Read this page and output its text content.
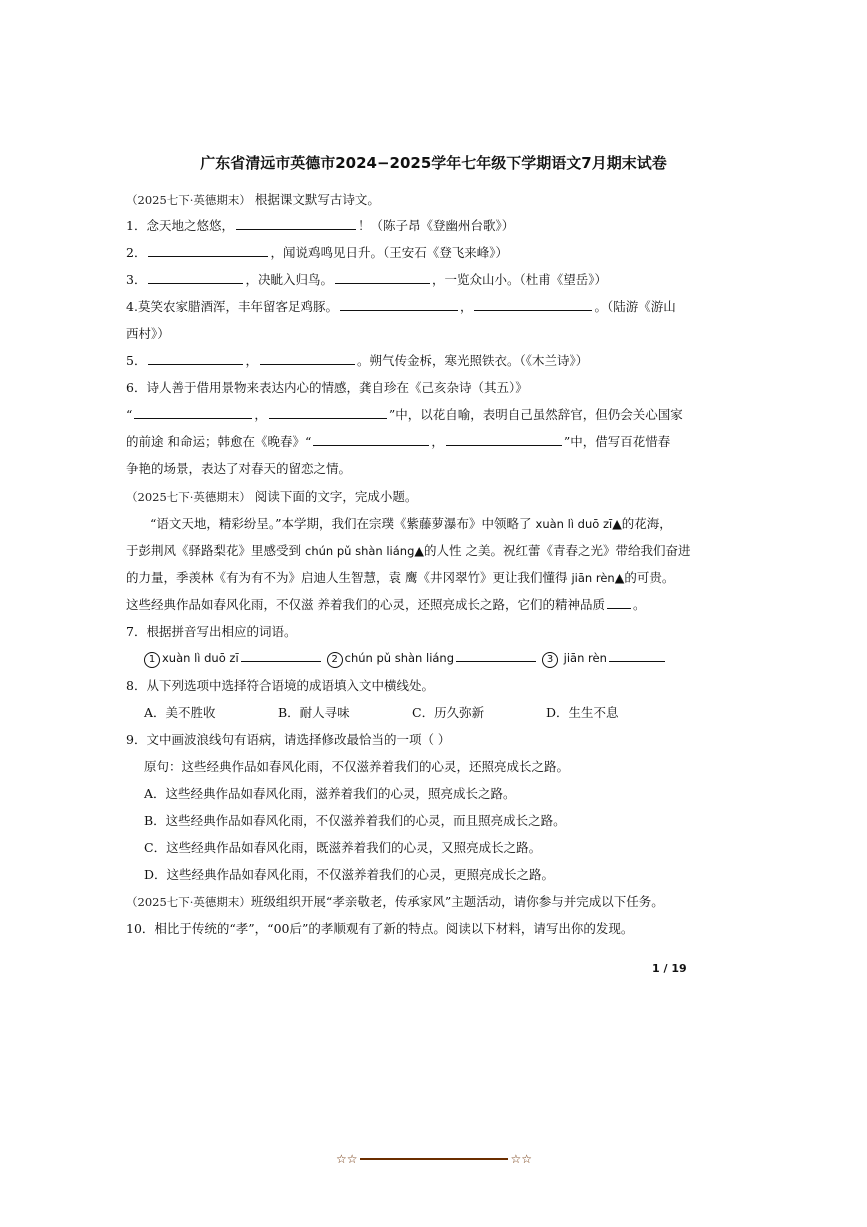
广东省清远市英德市2024−2025学年七年级下学期语文7月期末试卷
（2025七下·英德期末） 根据课文默写古诗文。
1．念天地之悠悠，	！（陈子昂《登幽州台歌》）
2．	，闻说鸡鸣见日升。（王安石《登飞来峰》）
3．	，决眦入归鸟。	，一览众山小。（杜甫《望岳》）
4.莫笑农家腊酒浑，丰年留客足鸡豚。	，	。（陆游《游山
西村》）
5．	，	。朔气传金柝，寒光照铁衣。（《木兰诗》）
6．诗人善于借用景物来表达内心的情感，龚自珍在《己亥杂诗（其五）》
“	，	”中，以花自喻，表明自己虽然辞官，但仍会关心国家
的前途 和命运；韩愈在《晚春》“	，	”中，借写百花惜春
争艳的场景，表达了对春天的留恋之情。
（2025七下·英德期末） 阅读下面的文字，完成小题。
“语文天地，精彩纷呈。”本学期，我们在宗璞《紫藤萝瀑布》中领略了 xuàn lì duō zī▲的花海，
于彭荆风《驿路梨花》里感受到 chún pǔ shàn liáng▲的人性 之美。祝红蕾《青春之光》带给我们奋进
的力量，季羡林《有为有不为》启迪人生智慧，袁 鹰《井冈翠竹》更让我们懂得 jiān rèn▲的可贵。
这些经典作品如春风化雨，不仅滋 养着我们的心灵，还照亮成长之路，它们的精神品质 。
7．根据拼音写出相应的词语。
1 xuàn lì duō zī	2 chún pǔ shàn liáng	3 jiān rèn
8．从下列选项中选择符合语境的成语填入文中横线处。
A．美不胜收	B．耐人寻味	C．历久弥新	D．生生不息
9．文中画波浪线句有语病，请选择修改最恰当的一项（ ）
原句：这些经典作品如春风化雨，不仅滋养着我们的心灵，还照亮成长之路。
A．这些经典作品如春风化雨，滋养着我们的心灵，照亮成长之路。
B．这些经典作品如春风化雨，不仅滋养着我们的心灵，而且照亮成长之路。
C．这些经典作品如春风化雨，既滋养着我们的心灵，又照亮成长之路。
D．这些经典作品如春风化雨，不仅滋养着我们的心灵，更照亮成长之路。
（2025七下·英德期末）班级组织开展“孝亲敬老，传承家风”主题活动，请你参与并完成以下任务。
10．相比于传统的“孝”，“00后”的孝顺观有了新的特点。阅读以下材料，请写出你的发现。
1 / 19
☆☆	☆☆
